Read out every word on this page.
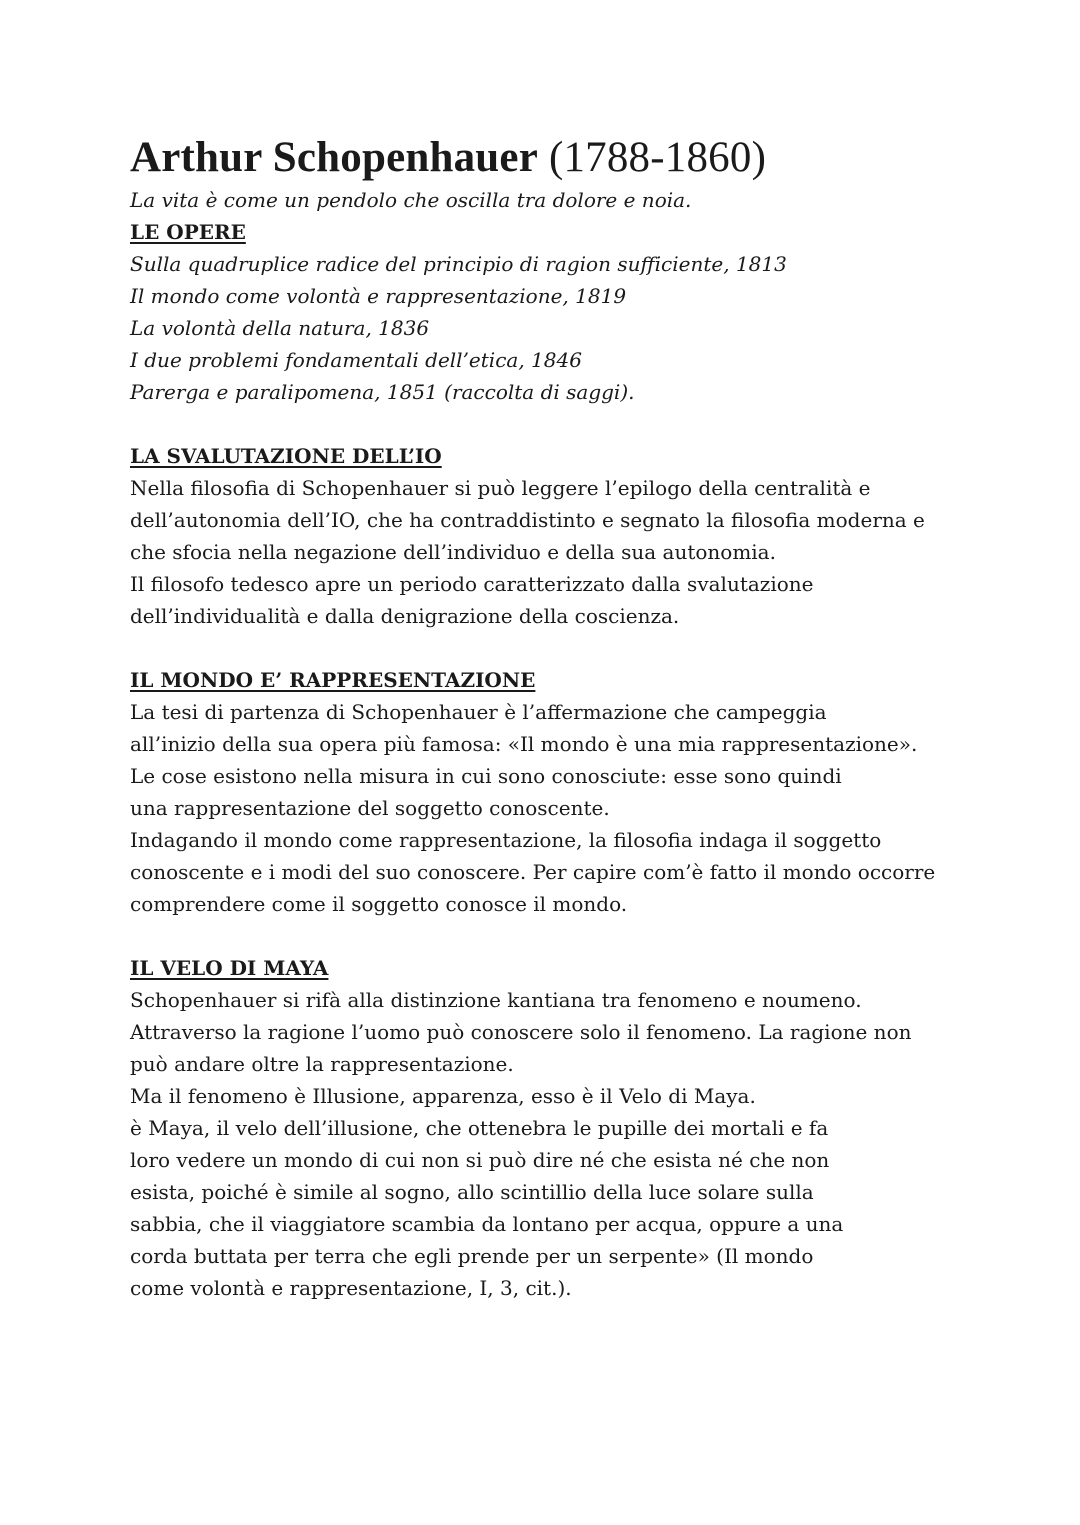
Arthur Schopenhauer (1788-1860)

La vita è come un pendolo che oscilla tra dolore e noia.

LE OPERE

Sulla quadruplice radice del principio di ragion sufficiente, 1813
Il mondo come volontà e rappresentazione, 1819
La volontà della natura, 1836
I due problemi fondamentali dell’etica, 1846
Parerga e paralipomena, 1851 (raccolta di saggi).

LA SVALUTAZIONE DELL’IO

Nella filosofia di Schopenhauer si può leggere l’epilogo della centralità e

dell’autonomia dell’IO, che ha contraddistinto e segnato la filosofia moderna e

che sfocia nella negazione dell’individuo e della sua autonomia.

Il filosofo tedesco apre un periodo caratterizzato dalla svalutazione

dell’individualità e dalla denigrazione della coscienza.

IL MONDO E’ RAPPRESENTAZIONE

La tesi di partenza di Schopenhauer è l’affermazione che campeggia

all’inizio della sua opera più famosa: «Il mondo è una mia rappresentazione».

Le cose esistono nella misura in cui sono conosciute: esse sono quindi

una rappresentazione del soggetto conoscente.

Indagando il mondo come rappresentazione, la filosofia indaga il soggetto

conoscente e i modi del suo conoscere. Per capire com’è fatto il mondo occorre

comprendere come il soggetto conosce il mondo.

IL VELO DI MAYA

Schopenhauer si rifà alla distinzione kantiana tra fenomeno e noumeno.

Attraverso la ragione l’uomo può conoscere solo il fenomeno. La ragione non

può andare oltre la rappresentazione.

Ma il fenomeno è Illusione, apparenza, esso è il Velo di Maya.

è Maya, il velo dell’illusione, che ottenebra le pupille dei mortali e fa

loro vedere un mondo di cui non si può dire né che esista né che non

esista, poiché è simile al sogno, allo scintillio della luce solare sulla

sabbia, che il viaggiatore scambia da lontano per acqua, oppure a una

corda buttata per terra che egli prende per un serpente» (Il mondo

come volontà e rappresentazione, I, 3, cit.).
